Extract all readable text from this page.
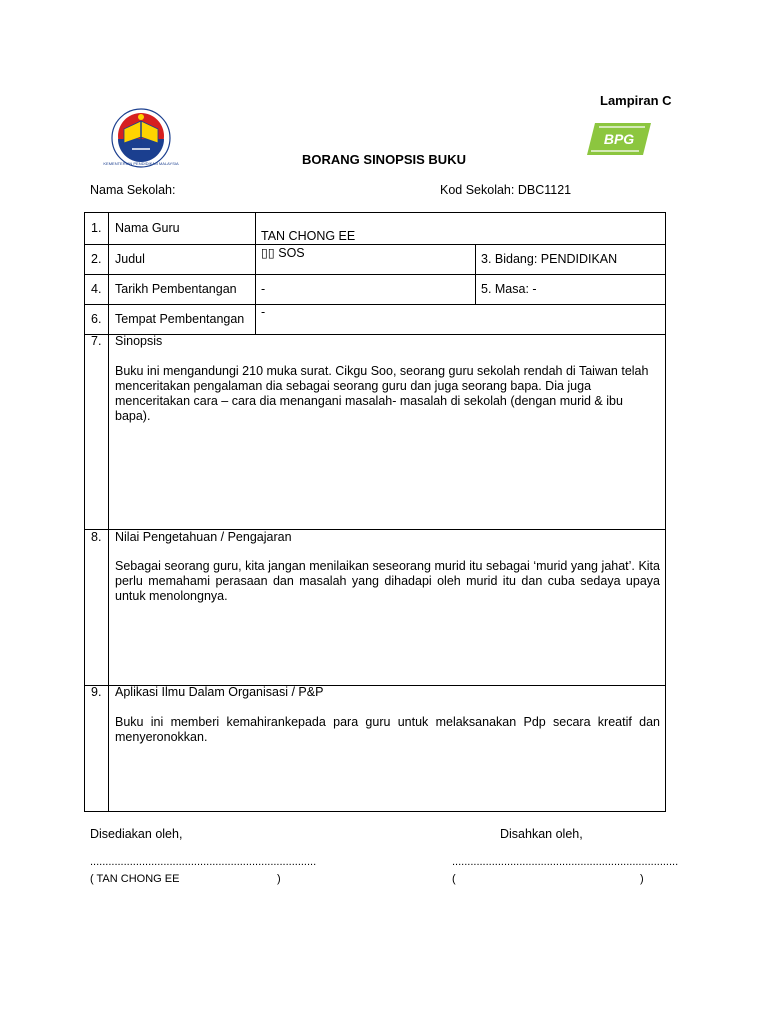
Lampiran C
KEMENTERIAN PENDIDIKAN MALAYSIA
BPG
BORANG SINOPSIS BUKU
Nama Sekolah:	Kod Sekolah: DBC1121
1. Nama Guru
TAN CHONG EE
2. Judul	▯▯ SOS	3. Bidang: PENDIDIKAN
4. Tarikh Pembentangan -	5. Masa: -
6. Tempat Pembentangan -
7. Sinopsis
Buku ini mengandungi 210 muka surat. Cikgu Soo, seorang guru sekolah rendah di Taiwan telah menceritakan pengalaman dia sebagai seorang guru dan juga seorang bapa. Dia juga menceritakan cara – cara dia menangani masalah- masalah di sekolah (dengan murid & ibu bapa).
8. Nilai Pengetahuan / Pengajaran
Sebagai seorang guru, kita jangan menilaikan seseorang murid itu sebagai ‘murid yang jahat’. Kita perlu memahami perasaan dan masalah yang dihadapi oleh murid itu dan cuba sedaya upaya untuk menolongnya.
9. Aplikasi Ilmu Dalam Organisasi / P&P
Buku ini memberi kemahirankepada para guru untuk melaksanakan Pdp secara kreatif dan menyeronokkan.
Disediakan oleh,	Disahkan oleh,
..........................................................................	..........................................................................
( TAN CHONG EE	)	(	)
